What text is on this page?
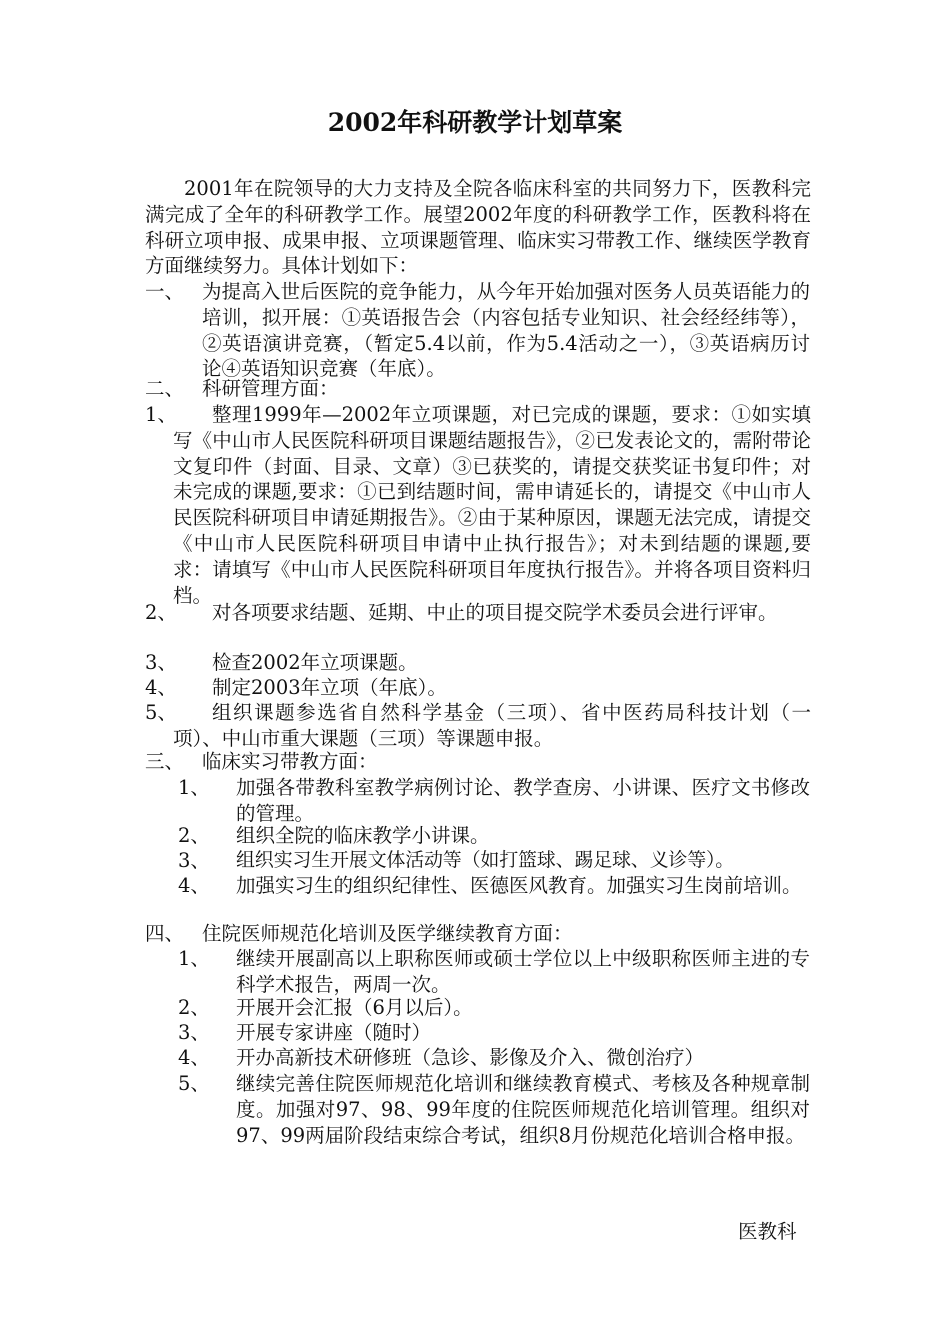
2002年科研教学计划草案

2001年在院领导的大力支持及全院各临床科室的共同努力下，医教科完满完成了全年的科研教学工作。展望2002年度的科研教学工作，医教科将在科研立项申报、成果申报、立项课题管理、临床实习带教工作、继续医学教育方面继续努力。具体计划如下：

一、 为提高入世后医院的竞争能力，从今年开始加强对医务人员英语能力的培训，拟开展：①英语报告会（内容包括专业知识、社会经经纬等），②英语演讲竞赛，（暂定5.4以前，作为5.4活动之一），③英语病历讨论④英语知识竞赛（年底）。

二、 科研管理方面：
1、	整理1999年—2002年立项课题，对已完成的课题，要求：①如实填写《中山市人民医院科研项目课题结题报告》，②已发表论文的，需附带论文复印件（封面、目录、文章）③已获奖的，请提交获奖证书复印件；对未完成的课题,要求：①已到结题时间，需申请延长的，请提交《中山市人民医院科研项目申请延期报告》。②由于某种原因，课题无法完成，请提交《中山市人民医院科研项目申请中止执行报告》；对未到结题的课题,要求：请填写《中山市人民医院科研项目年度执行报告》。并将各项目资料归档。

2、	对各项要求结题、延期、中止的项目提交院学术委员会进行评审。

3、 检查2002年立项课题。
4、 制定2003年立项（年底）。
5、	组织课题参选省自然科学基金（三项）、省中医药局科技计划（一项）、中山市重大课题（三项）等课题申报。

三、 临床实习带教方面：
1、 加强各带教科室教学病例讨论、教学查房、小讲课、医疗文书修改的管理。

2、 组织全院的临床教学小讲课。
3、 组织实习生开展文体活动等（如打篮球、踢足球、义诊等）。
4、 加强实习生的组织纪律性、医德医风教育。加强实习生岗前培训。

四、 住院医师规范化培训及医学继续教育方面：
1、 继续开展副高以上职称医师或硕士学位以上中级职称医师主进的专科学术报告，两周一次。

2、 开展开会汇报（6月以后）。
3、 开展专家讲座（随时）
4、 开办高新技术研修班（急诊、影像及介入、微创治疗）
5、 继续完善住院医师规范化培训和继续教育模式、考核及各种规章制度。加强对97、98、99年度的住院医师规范化培训管理。组织对97、99两届阶段结束综合考试，组织8月份规范化培训合格申报。

医教科
